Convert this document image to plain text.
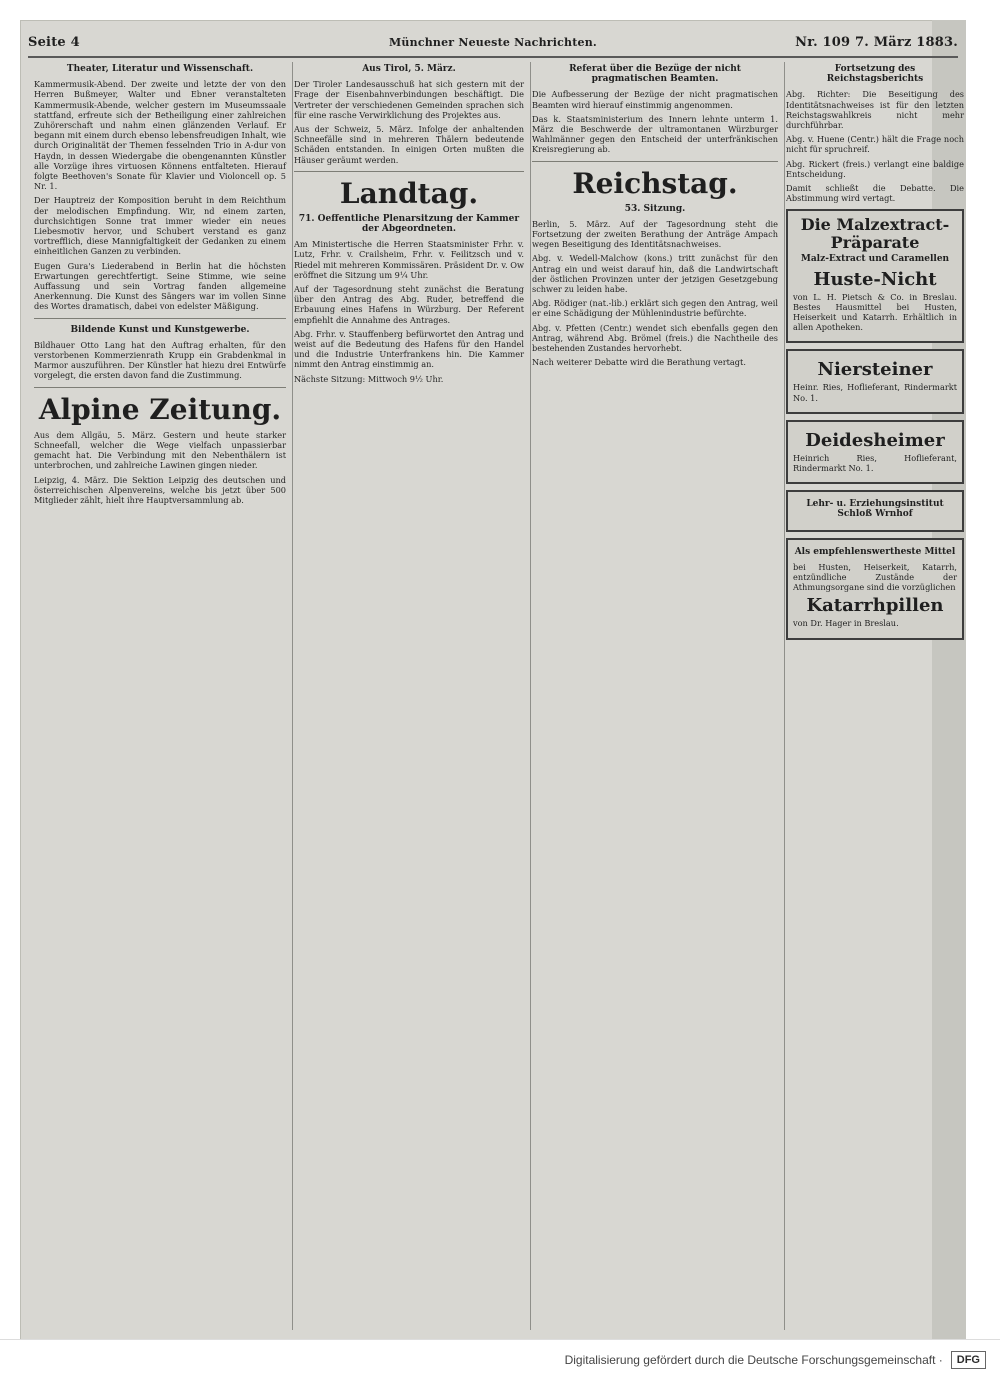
Seite 4	Münchner Neueste Nachrichten.	Nr. 109 7. März 1883.
Theater, Literatur und Wissenschaft.

Kammermusik-Abend. Der zweite und letzte der von den Herren Bußmeyer, Walter und Ebner veranstalteten Kammermusik-Abende, welcher gestern im Museumssaale stattfand, erfreute sich der Betheiligung einer zahlreichen Zuhörerschaft und nahm einen glänzenden Verlauf. Er begann mit einem durch ebenso lebensfreudigen Inhalt, wie durch Originalität der Themen fesselnden Trio in A-dur von Haydn, in dessen Wiedergabe die obengenannten Künstler alle Vorzüge ihres virtuosen Könnens entfalteten. Hierauf folgte Beethoven's Sonate für Klavier und Violoncell op. 5 Nr. 1.

Der Hauptreiz der Komposition beruht in dem Reichthum der melodischen Empfindung. Wir, nd einem zarten, durchsichtigen Sonne trat immer wieder ein neues Liebesmotiv hervor, und Schubert verstand es ganz vortrefflich, diese Mannigfaltigkeit der Gedanken zu einem einheitlichen Ganzen zu verbinden.

Eugen Gura's Liederabend in Berlin hat die höchsten Erwartungen gerechtfertigt. Seine Stimme, wie seine Auffassung und sein Vortrag fanden allgemeine Anerkennung. Die Kunst des Sängers war im vollen Sinne des Wortes dramatisch, dabei von edelster Mäßigung.

Bildende Kunst und Kunstgewerbe.

Bildhauer Otto Lang hat den Auftrag erhalten, für den verstorbenen Kommerzienrath Krupp ein Grabdenkmal in Marmor auszuführen. Der Künstler hat hiezu drei Entwürfe vorgelegt, die ersten davon fand die Zustimmung.

Alpine Zeitung.

Aus dem Allgäu, 5. März. Gestern und heute starker Schneefall, welcher die Wege vielfach unpassierbar gemacht hat. Die Verbindung mit den Nebenthälern ist unterbrochen, und zahlreiche Lawinen gingen nieder.

Leipzig, 4. März. Die Sektion Leipzig des deutschen und österreichischen Alpenvereins, welche bis jetzt über 500 Mitglieder zählt, hielt ihre Hauptversammlung ab.

Aus Tirol, 5. März.

Der Tiroler Landesausschuß hat sich gestern mit der Frage der Eisenbahnverbindungen beschäftigt. Die Vertreter der verschiedenen Gemeinden sprachen sich für eine rasche Verwirklichung des Projektes aus.

Aus der Schweiz, 5. März. Infolge der anhaltenden Schneefälle sind in mehreren Thälern bedeutende Schäden entstanden. In einigen Orten mußten die Häuser geräumt werden.

Landtag.
71. Oeffentliche Plenarsitzung der Kammer der Abgeordneten.

Am Ministertische die Herren Staatsminister Frhr. v. Lutz, Frhr. v. Crailsheim, Frhr. v. Feilitzsch und v. Riedel mit mehreren Kommissären. Präsident Dr. v. Ow eröffnet die Sitzung um 9¼ Uhr.

Auf der Tagesordnung steht zunächst die Beratung über den Antrag des Abg. Ruder, betreffend die Erbauung eines Hafens in Würzburg. Der Referent empfiehlt die Annahme des Antrages.

Abg. Frhr. v. Stauffenberg befürwortet den Antrag und weist auf die Bedeutung des Hafens für den Handel und die Industrie Unterfrankens hin. Die Kammer nimmt den Antrag einstimmig an.

Nächste Sitzung: Mittwoch 9½ Uhr.

Referat über die Bezüge der nicht pragmatischen Beamten.

Die Aufbesserung der Bezüge der nicht pragmatischen Beamten wird hierauf einstimmig angenommen.

Das k. Staatsministerium des Innern lehnte unterm 1. März die Beschwerde der ultramontanen Würzburger Wahlmänner gegen den Entscheid der unterfränkischen Kreisregierung ab.

Reichstag.
53. Sitzung.

Berlin, 5. März. Auf der Tagesordnung steht die Fortsetzung der zweiten Berathung der Anträge Ampach wegen Beseitigung des Identitätsnachweises.

Abg. v. Wedell-Malchow (kons.) tritt zunächst für den Antrag ein und weist darauf hin, daß die Landwirtschaft der östlichen Provinzen unter der jetzigen Gesetzgebung schwer zu leiden habe.

Abg. Rödiger (nat.-lib.) erklärt sich gegen den Antrag, weil er eine Schädigung der Mühlenindustrie befürchte.

Abg. v. Pfetten (Centr.) wendet sich ebenfalls gegen den Antrag, während Abg. Brömel (freis.) die Nachtheile des bestehenden Zustandes hervorhebt.

Nach weiterer Debatte wird die Berathung vertagt.

Fortsetzung des Reichstagsberichts

Abg. Richter: Die Beseitigung des Identitätsnachweises ist für den letzten Reichstagswahlkreis nicht mehr durchführbar.

Abg. v. Huene (Centr.) hält die Frage noch nicht für spruchreif.

Abg. Rickert (freis.) verlangt eine baldige Entscheidung.

Damit schließt die Debatte. Die Abstimmung wird vertagt.

Die Malzextract-Präparate
Malz-Extract und Caramellen
Huste-Nicht

von L. H. Pietsch & Co. in Breslau. Bestes Hausmittel bei Husten, Heiserkeit und Katarrh. Erhältlich in allen Apotheken.

Niersteiner

Heinr. Ries, Hoflieferant, Rindermarkt No. 1.

Deidesheimer

Heinrich Ries, Hoflieferant, Rindermarkt No. 1.

Lehr- u. Erziehungsinstitut Schloß Wrnhof
Als empfehlenswertheste Mittel

bei Husten, Heiserkeit, Katarrh, entzündliche Zustände der Athmungsorgane sind die vorzüglichen

Katarrhpillen

von Dr. Hager in Breslau.

Digitalisierung gefördert durch die Deutsche Forschungsgemeinschaft ·	DFG
